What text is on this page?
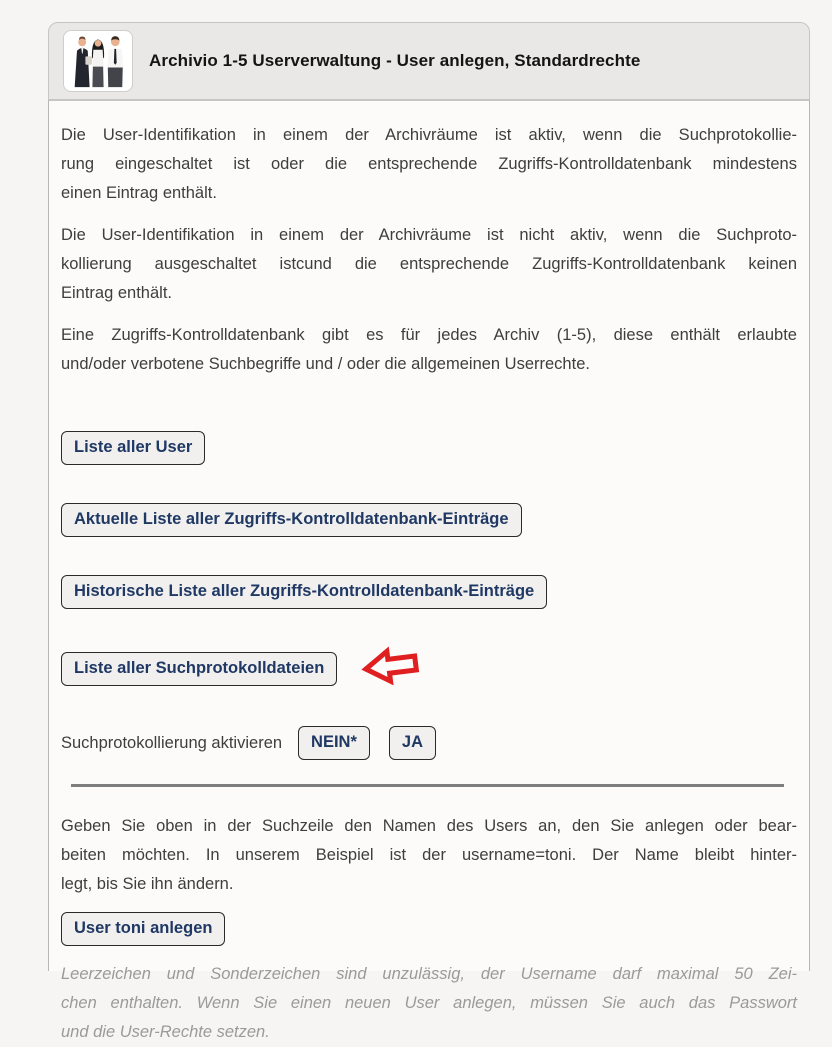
Archivio 1-5 Userverwaltung - User anlegen, Standardrechte

Die User-Identifikation in einem der Archivräume ist aktiv, wenn die Suchprotokollie-
rung eingeschaltet ist oder die entsprechende Zugriffs-Kontrolldatenbank mindestens
einen Eintrag enthält.

Die User-Identifikation in einem der Archivräume ist nicht aktiv, wenn die Suchproto-
kollierung ausgeschaltet istcund die entsprechende Zugriffs-Kontrolldatenbank keinen
Eintrag enthält.

Eine Zugriffs-Kontrolldatenbank gibt es für jedes Archiv (1-5), diese enthält erlaubte
und/oder verbotene Suchbegriffe und / oder die allgemeinen Userrechte.

Liste aller User
Aktuelle Liste aller Zugriffs-Kontrolldatenbank-Einträge
Historische Liste aller Zugriffs-Kontrolldatenbank-Einträge
Liste aller Suchprotokolldateien
Suchprotokollierung aktivieren	NEIN*	JA

Geben Sie oben in der Suchzeile den Namen des Users an, den Sie anlegen oder bear-
beiten möchten. In unserem Beispiel ist der username=toni. Der Name bleibt hinter-
legt, bis Sie ihn ändern.

User toni anlegen

Leerzeichen und Sonderzeichen sind unzulässig, der Username darf maximal 50 Zei-
chen enthalten. Wenn Sie einen neuen User anlegen, müssen Sie auch das Passwort
und die User-Rechte setzen.
